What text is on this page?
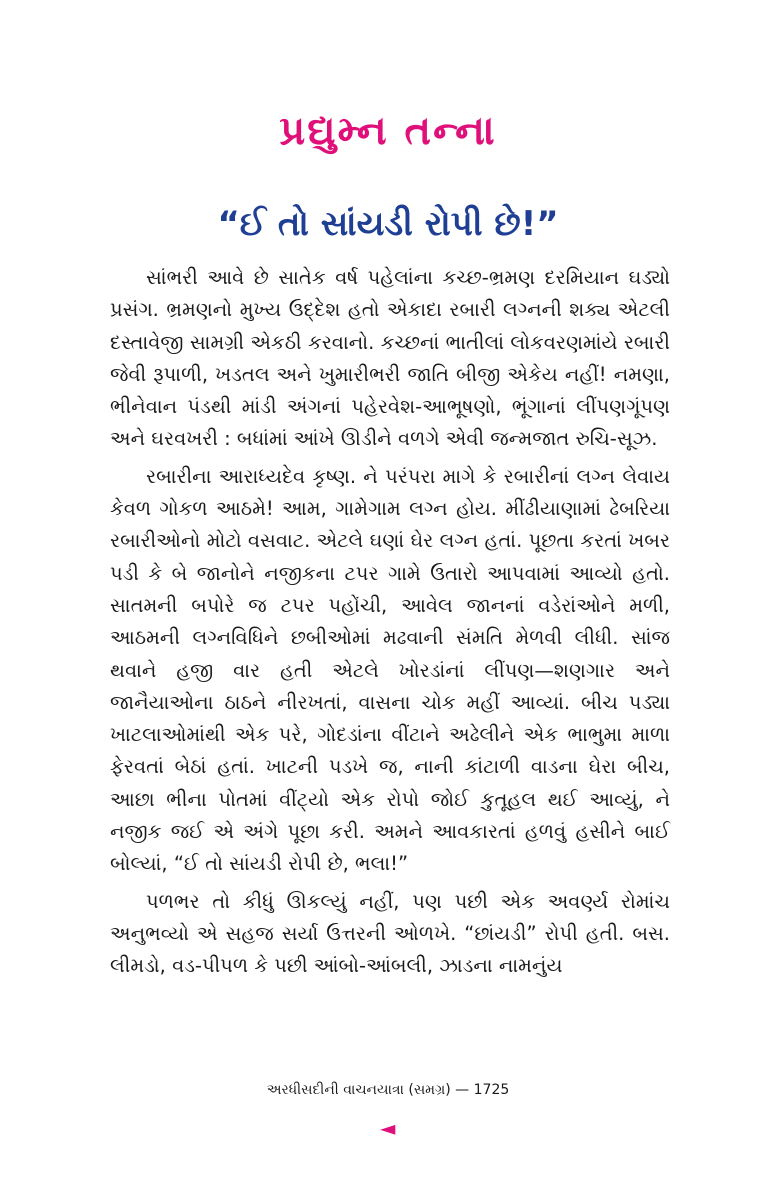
પ્રદ્યુમ્ન તન્ના
“ઈ તો સાંયડી રોપી છે!”

સાંભરી આવે છે સાતેક વર્ષ પહેલાંના કચ્છ-ભ્રમણ દરમિયાન ઘડ્યો પ્રસંગ. ભ્રમણનો મુખ્ય ઉદ્દેશ હતો એકાદા રબારી લગ્નની શક્ય એટલી દસ્તાવેજી સામગ્રી એકઠી કરવાનો. કચ્છનાં ભાતીલાં લોકવરણમાંયે રબારી જેવી રૂપાળી, ખડતલ અને ખુમારીભરી જાતિ બીજી એકેય નહીં! નમણા, ભીનેવાન પંડથી માંડી અંગનાં પહેરવેશ-આભૂષણો, ભૂંગાનાં લીંપણગૂંપણ અને ઘરવખરી : બધાંમાં આંખે ઊડીને વળગે એવી જન્મજાત રુચિ-સૂઝ.

રબારીના આરાધ્યદેવ કૃષ્ણ. ને પરંપરા માગે કે રબારીનાં લગ્ન લેવાય કેવળ ગોકળ આઠમે! આમ, ગામેગામ લગ્ન હોય. મીંઢીયાણામાં ઢેબરિયા રબારીઓનો મોટો વસવાટ. એટલે ઘણાં ઘેર લગ્ન હતાં. પૂછતા કરતાં ખબર પડી કે બે જાનોને નજીકના ટપર ગામે ઉતારો આપવામાં આવ્યો હતો. સાતમની બપોરે જ ટપર પહોંચી, આવેલ જાનનાં વડેરાંઓને મળી, આઠમની લગ્નવિધિને છબીઓમાં મઢવાની સંમતિ મેળવી લીધી. સાંજ થવાને હજી વાર હતી એટલે ખોરડાંનાં લીંપણ—શણગાર અને જાનૈયાઓના ઠાઠને નીરખતાં, વાસના ચોક મહીં આવ્યાં. બીચ પડ્યા ખાટલાઓમાંથી એક પરે, ગોદડાંના વીંટાને અઢેલીને એક ભાભુમા માળા ફેરવતાં બેઠાં હતાં. ખાટની પડખે જ, નાની કાંટાળી વાડના ઘેરા બીચ, આછા ભીના પોતમાં વીંટ્યો એક રોપો જોઈ કુતૂહલ થઈ આવ્યું, ને નજીક જઈ એ અંગે પૂછા કરી. અમને આવકારતાં હળવું હસીને બાઈ બોલ્યાં, “ઈ તો સાંયડી રોપી છે, ભલા!”

પળભર તો કીધું ઊકલ્યું નહીં, પણ પછી એક અવર્ણ્ય રોમાંચ અનુભવ્યો એ સહજ સર્યા ઉત્તરની ઓળખે. “છાંયડી” રોપી હતી. બસ. લીમડો, વડ-પીપળ કે પછી આંબો-આંબલી, ઝાડના નામનુંય

અરધીસદીની વાચનયાત્રા (સમગ્ર) — 1725
◄
